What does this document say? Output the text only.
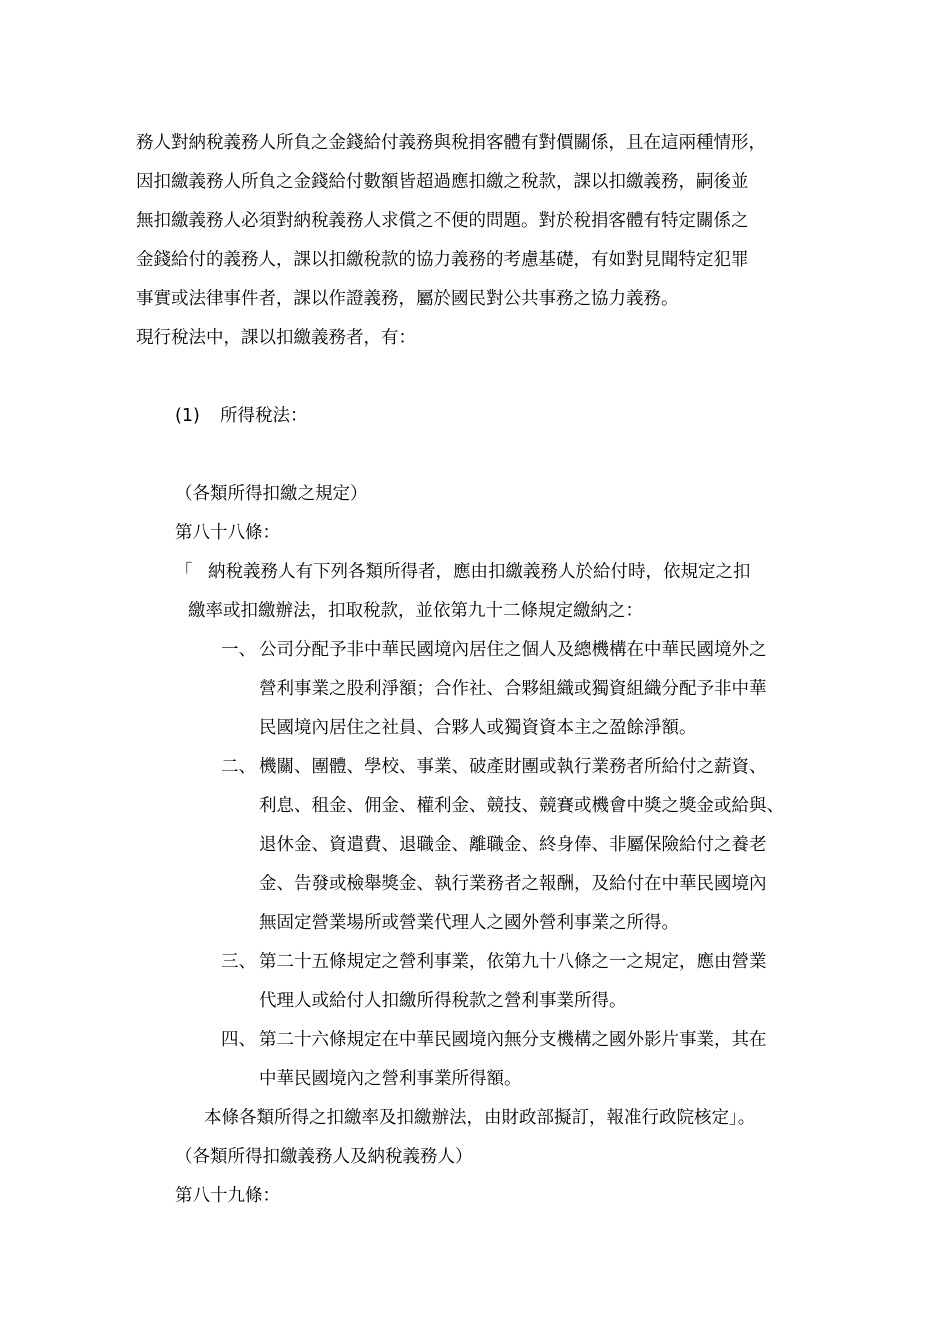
務人對納稅義務人所負之金錢給付義務與稅捐客體有對價關係，且在這兩種情形，
因扣繳義務人所負之金錢給付數額皆超過應扣繳之稅款，課以扣繳義務，嗣後並
無扣繳義務人必須對納稅義務人求償之不便的問題。對於稅捐客體有特定關係之
金錢給付的義務人，課以扣繳稅款的協力義務的考慮基礎，有如對見聞特定犯罪
事實或法律事件者，課以作證義務，屬於國民對公共事務之協力義務。
現行稅法中，課以扣繳義務者，有：
(1) 所得稅法：
（各類所得扣繳之規定）
第八十八條：
「 納稅義務人有下列各類所得者，應由扣繳義務人於給付時，依規定之扣
繳率或扣繳辦法，扣取稅款，並依第九十二條規定繳納之：
一、 公司分配予非中華民國境內居住之個人及總機構在中華民國境外之
營利事業之股利淨額；合作社、合夥組織或獨資組織分配予非中華
民國境內居住之社員、合夥人或獨資資本主之盈餘淨額。
二、 機關、團體、學校、事業、破產財團或執行業務者所給付之薪資、
利息、租金、佣金、權利金、競技、競賽或機會中獎之獎金或給與、
退休金、資遣費、退職金、離職金、終身俸、非屬保險給付之養老
金、告發或檢舉獎金、執行業務者之報酬，及給付在中華民國境內
無固定營業場所或營業代理人之國外營利事業之所得。
三、 第二十五條規定之營利事業，依第九十八條之一之規定，應由營業
代理人或給付人扣繳所得稅款之營利事業所得。
四、 第二十六條規定在中華民國境內無分支機構之國外影片事業，其在
中華民國境內之營利事業所得額。
本條各類所得之扣繳率及扣繳辦法，由財政部擬訂，報准行政院核定」。
（各類所得扣繳義務人及納稅義務人）
第八十九條：
